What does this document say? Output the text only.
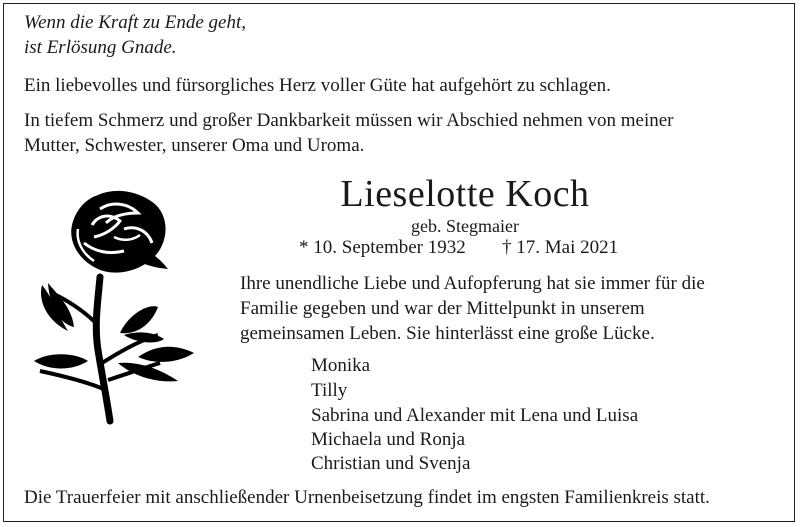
Wenn die Kraft zu Ende geht,
ist Erlösung Gnade.
Ein liebevolles und fürsorgliches Herz voller Güte hat aufgehört zu schlagen.
In tiefem Schmerz und großer Dankbarkeit müssen wir Abschied nehmen von meiner
Mutter, Schwester, unserer Oma und Uroma.
Lieselotte Koch
geb. Stegmaier
* 10. September 1932 † 17. Mai 2021
Ihre unendliche Liebe und Aufopferung hat sie immer für die
Familie gegeben und war der Mittelpunkt in unserem
gemeinsamen Leben. Sie hinterlässt eine große Lücke.
Monika
Tilly
Sabrina und Alexander mit Lena und Luisa
Michaela und Ronja
Christian und Svenja
Die Trauerfeier mit anschließender Urnenbeisetzung findet im engsten Familienkreis statt.
